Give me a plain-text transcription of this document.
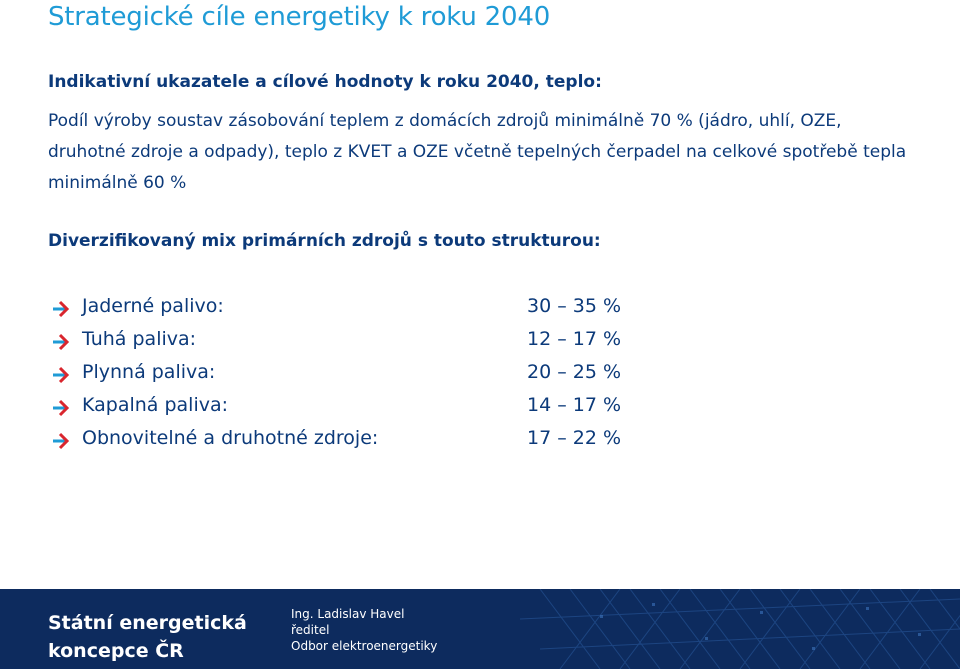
Strategické cíle energetiky k roku 2040
Indikativní ukazatele a cílové hodnoty k roku 2040, teplo:
Podíl výroby soustav zásobování teplem z domácích zdrojů minimálně 70 % (jádro, uhlí, OZE, druhotné zdroje a odpady), teplo z KVET a OZE včetně tepelných čerpadel na celkové spotřebě tepla minimálně 60 %
Diverzifikovaný mix primárních zdrojů s touto strukturou:
Jaderné palivo:	30 – 35 %
Tuhá paliva:	12 – 17 %
Plynná paliva:	20 – 25 %
Kapalná paliva:	14 – 17 %
Obnovitelné a druhotné zdroje:	17 – 22 %
Státní energetická koncepce ČR
Ing. Ladislav Havel
ředitel
Odbor elektroenergetiky
